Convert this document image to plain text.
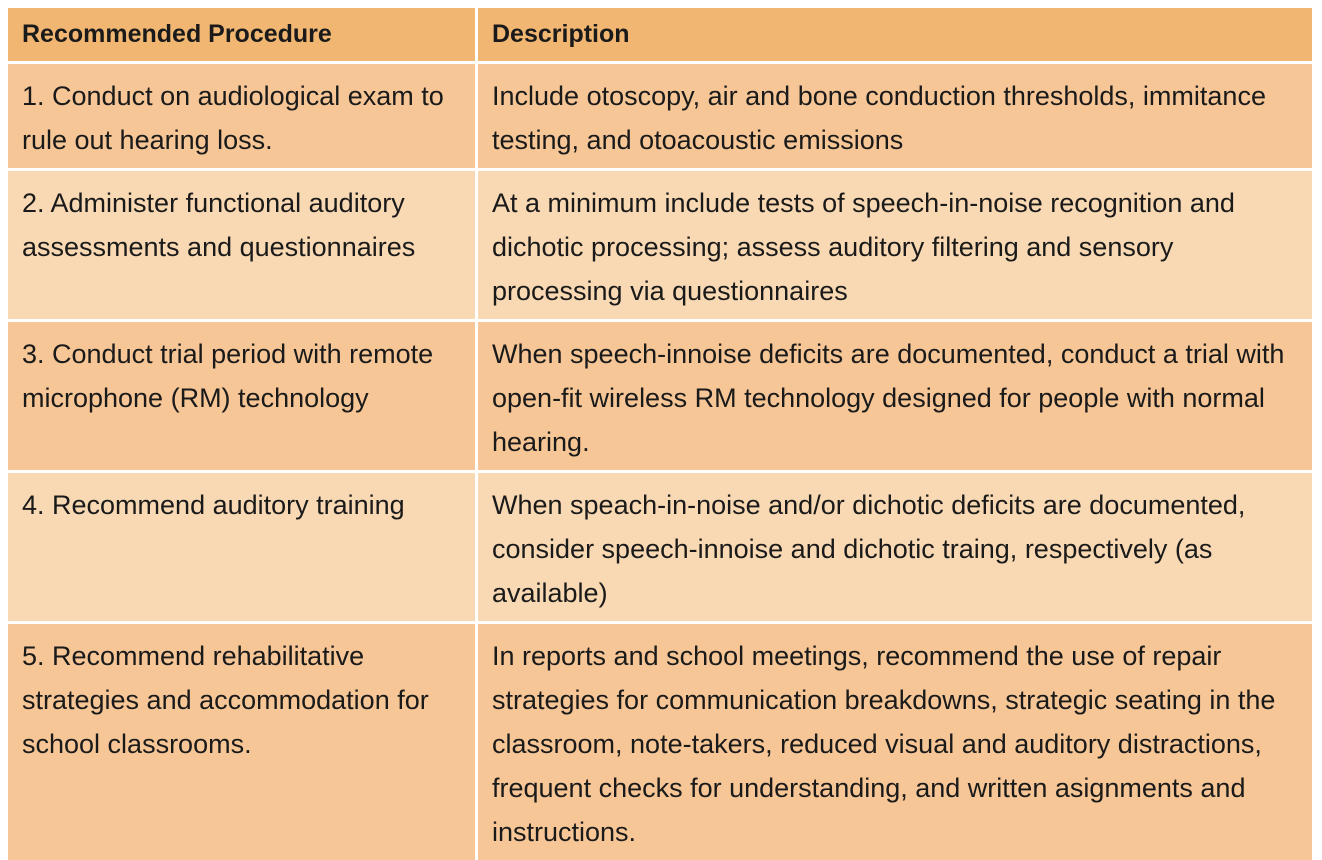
Recommended Procedure	Description
1. Conduct on audiological exam to rule out hearing loss.	Include otoscopy, air and bone conduction thresholds, immitance testing, and otoacoustic emissions
2. Administer functional auditory assessments and questionnaires	At a minimum include tests of speech-in-noise recognition and dichotic processing; assess auditory filtering and sensory processing via questionnaires
3. Conduct trial period with remote microphone (RM) technology	When speech-innoise deficits are documented, conduct a trial with open-fit wireless RM technology designed for people with normal hearing.
4. Recommend auditory training	When speach-in-noise and/or dichotic deficits are documented, consider speech-innoise and dichotic traing, respectively (as available)
5. Recommend rehabilitative strategies and accommodation for school classrooms.	In reports and school meetings, recommend the use of repair strategies for communication breakdowns, strategic seating in the classroom, note-takers, reduced visual and auditory distractions, frequent checks for understanding, and written asignments and instructions.
